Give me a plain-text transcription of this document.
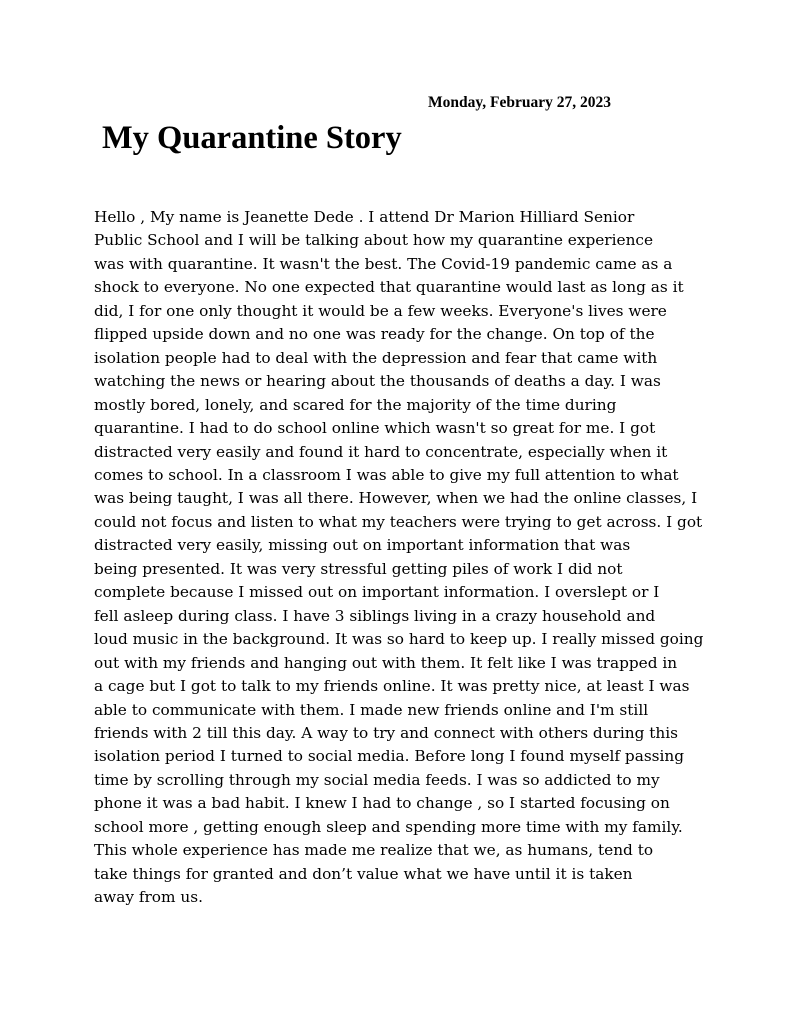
Monday, February 27, 2023
My Quarantine Story
Hello , My name is Jeanette Dede . I attend Dr Marion Hilliard Senior
Public School and I will be talking about how my quarantine experience
was with quarantine. It wasn't the best. The Covid-19 pandemic came as a
shock to everyone. No one expected that quarantine would last as long as it
did, I for one only thought it would be a few weeks. Everyone's lives were
flipped upside down and no one was ready for the change. On top of the
isolation people had to deal with the depression and fear that came with
watching the news or hearing about the thousands of deaths a day. I was
mostly bored, lonely, and scared for the majority of the time during
quarantine. I had to do school online which wasn't so great for me. I got
distracted very easily and found it hard to concentrate, especially when it
comes to school. In a classroom I was able to give my full attention to what
was being taught, I was all there. However, when we had the online classes, I
could not focus and listen to what my teachers were trying to get across. I got
distracted very easily, missing out on important information that was
being presented. It was very stressful getting piles of work I did not
complete because I missed out on important information. I overslept or I
fell asleep during class. I have 3 siblings living in a crazy household and
loud music in the background. It was so hard to keep up. I really missed going
out with my friends and hanging out with them. It felt like I was trapped in
a cage but I got to talk to my friends online. It was pretty nice, at least I was
able to communicate with them. I made new friends online and I'm still
friends with 2 till this day. A way to try and connect with others during this
isolation period I turned to social media. Before long I found myself passing
time by scrolling through my social media feeds. I was so addicted to my
phone it was a bad habit. I knew I had to change , so I started focusing on
school more , getting enough sleep and spending more time with my family.
This whole experience has made me realize that we, as humans, tend to
take things for granted and don’t value what we have until it is taken
away from us.
